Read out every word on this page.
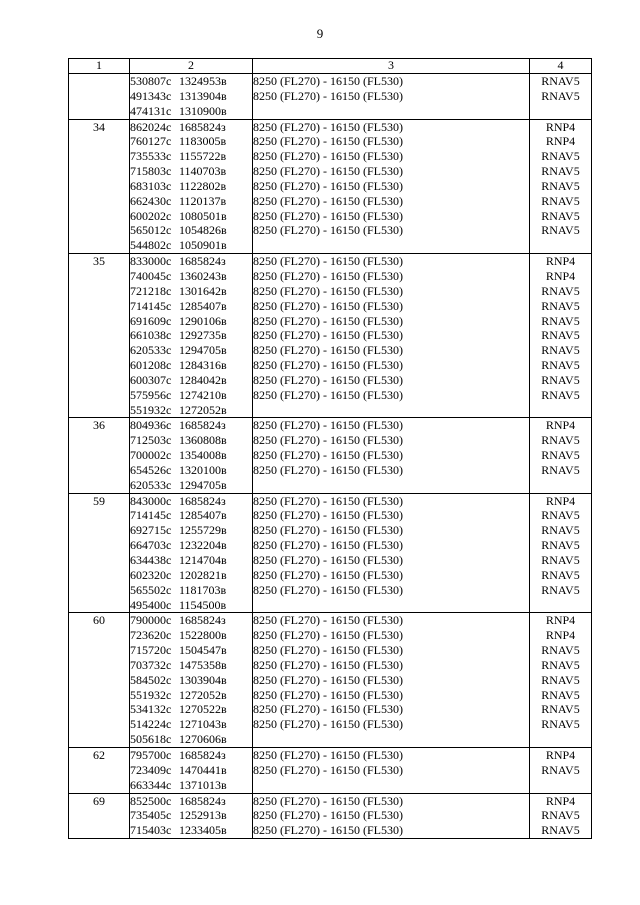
9
1	2	3	4
	530807с 1324953в	8250 (FL270) - 16150 (FL530)	RNAV5
	491343с 1313904в	8250 (FL270) - 16150 (FL530)	RNAV5
	474131с 1310900в		
34	862024с 1685824з	8250 (FL270) - 16150 (FL530)	RNP4
	760127с 1183005в	8250 (FL270) - 16150 (FL530)	RNP4
	735533с 1155722в	8250 (FL270) - 16150 (FL530)	RNAV5
	715803с 1140703в	8250 (FL270) - 16150 (FL530)	RNAV5
	683103с 1122802в	8250 (FL270) - 16150 (FL530)	RNAV5
	662430с 1120137в	8250 (FL270) - 16150 (FL530)	RNAV5
	600202с 1080501в	8250 (FL270) - 16150 (FL530)	RNAV5
	565012с 1054826в	8250 (FL270) - 16150 (FL530)	RNAV5
	544802с 1050901в		
35	833000с 1685824з	8250 (FL270) - 16150 (FL530)	RNP4
	740045с 1360243в	8250 (FL270) - 16150 (FL530)	RNP4
	721218с 1301642в	8250 (FL270) - 16150 (FL530)	RNAV5
	714145с 1285407в	8250 (FL270) - 16150 (FL530)	RNAV5
	691609с 1290106в	8250 (FL270) - 16150 (FL530)	RNAV5
	661038с 1292735в	8250 (FL270) - 16150 (FL530)	RNAV5
	620533с 1294705в	8250 (FL270) - 16150 (FL530)	RNAV5
	601208с 1284316в	8250 (FL270) - 16150 (FL530)	RNAV5
	600307с 1284042в	8250 (FL270) - 16150 (FL530)	RNAV5
	575956с 1274210в	8250 (FL270) - 16150 (FL530)	RNAV5
	551932с 1272052в		
36	804936с 1685824з	8250 (FL270) - 16150 (FL530)	RNP4
	712503с 1360808в	8250 (FL270) - 16150 (FL530)	RNAV5
	700002с 1354008в	8250 (FL270) - 16150 (FL530)	RNAV5
	654526с 1320100в	8250 (FL270) - 16150 (FL530)	RNAV5
	620533с 1294705в		
59	843000с 1685824з	8250 (FL270) - 16150 (FL530)	RNP4
	714145с 1285407в	8250 (FL270) - 16150 (FL530)	RNAV5
	692715с 1255729в	8250 (FL270) - 16150 (FL530)	RNAV5
	664703с 1232204в	8250 (FL270) - 16150 (FL530)	RNAV5
	634438с 1214704в	8250 (FL270) - 16150 (FL530)	RNAV5
	602320с 1202821в	8250 (FL270) - 16150 (FL530)	RNAV5
	565502с 1181703в	8250 (FL270) - 16150 (FL530)	RNAV5
	495400с 1154500в		
60	790000с 1685824з	8250 (FL270) - 16150 (FL530)	RNP4
	723620с 1522800в	8250 (FL270) - 16150 (FL530)	RNP4
	715720с 1504547в	8250 (FL270) - 16150 (FL530)	RNAV5
	703732с 1475358в	8250 (FL270) - 16150 (FL530)	RNAV5
	584502с 1303904в	8250 (FL270) - 16150 (FL530)	RNAV5
	551932с 1272052в	8250 (FL270) - 16150 (FL530)	RNAV5
	534132с 1270522в	8250 (FL270) - 16150 (FL530)	RNAV5
	514224с 1271043в	8250 (FL270) - 16150 (FL530)	RNAV5
	505618с 1270606в		
62	795700с 1685824з	8250 (FL270) - 16150 (FL530)	RNP4
	723409с 1470441в	8250 (FL270) - 16150 (FL530)	RNAV5
	663344с 1371013в		
69	852500с 1685824з	8250 (FL270) - 16150 (FL530)	RNP4
	735405с 1252913в	8250 (FL270) - 16150 (FL530)	RNAV5
	715403с 1233405в	8250 (FL270) - 16150 (FL530)	RNAV5
